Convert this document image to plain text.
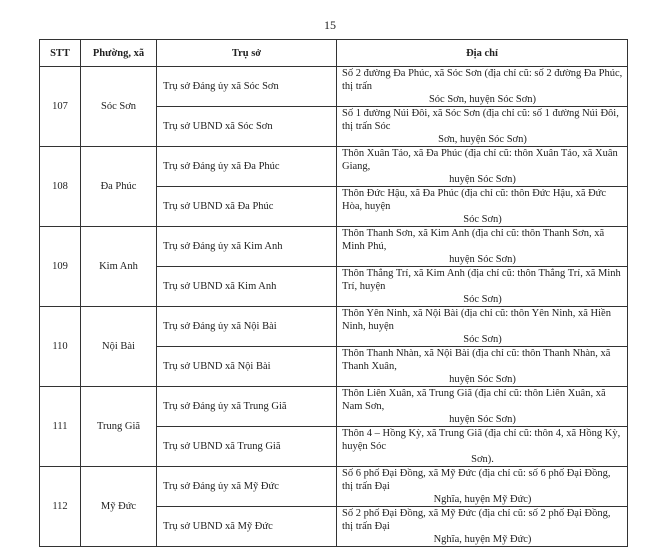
15
STT	Phường, xã	Trụ sở	Địa chỉ
107	Sóc Sơn	Trụ sở Đảng ủy xã Sóc Sơn	Số 2 đường Đa Phúc, xã Sóc Sơn (địa chỉ cũ: số 2 đường Đa Phúc, thị trấn
Sóc Sơn, huyện Sóc Sơn)

		Trụ sở UBND xã Sóc Sơn	Số 1 đường Núi Đôi, xã Sóc Sơn (địa chỉ cũ: số 1 đường Núi Đôi, thị trấn Sóc
Sơn, huyện Sóc Sơn)

108	Đa Phúc	Trụ sở Đảng ủy xã Đa Phúc	Thôn Xuân Tảo, xã Đa Phúc (địa chỉ cũ: thôn Xuân Tảo, xã Xuân Giang,
huyện Sóc Sơn)

		Trụ sở UBND xã Đa Phúc	Thôn Đức Hậu, xã Đa Phúc (địa chỉ cũ: thôn Đức Hậu, xã Đức Hòa, huyện
Sóc Sơn)

109	Kim Anh	Trụ sở Đảng ủy xã Kim Anh	Thôn Thanh Sơn, xã Kim Anh (địa chỉ cũ: thôn Thanh Sơn, xã Minh Phú,
huyện Sóc Sơn)

		Trụ sở UBND xã Kim Anh	Thôn Thắng Trí, xã Kim Anh (địa chỉ cũ: thôn Thắng Trí, xã Minh Trí, huyện
Sóc Sơn)

110	Nội Bài	Trụ sở Đảng ủy xã Nội Bài	Thôn Yên Ninh, xã Nội Bài (địa chỉ cũ: thôn Yên Ninh, xã Hiền Ninh, huyện
Sóc Sơn)

		Trụ sở UBND xã Nội Bài	Thôn Thanh Nhàn, xã Nội Bài (địa chỉ cũ: thôn Thanh Nhàn, xã Thanh Xuân,
huyện Sóc Sơn)

111	Trung Giã	Trụ sở Đảng ủy xã Trung Giã	Thôn Liên Xuân, xã Trung Giã (địa chỉ cũ: thôn Liên Xuân, xã Nam Sơn,
huyện Sóc Sơn)

		Trụ sở UBND xã Trung Giã	Thôn 4 – Hồng Kỳ, xã Trung Giã (địa chỉ cũ: thôn 4, xã Hồng Kỳ, huyện Sóc
Sơn).

112	Mỹ Đức	Trụ sở Đảng ủy xã Mỹ Đức	Số 6 phố Đại Đồng, xã Mỹ Đức (địa chỉ cũ: số 6 phố Đại Đồng, thị trấn Đại
Nghĩa, huyện Mỹ Đức)

		Trụ sở UBND xã Mỹ Đức	Số 2 phố Đại Đồng, xã Mỹ Đức (địa chỉ cũ: số 2 phố Đại Đồng, thị trấn Đại
Nghĩa, huyện Mỹ Đức)
